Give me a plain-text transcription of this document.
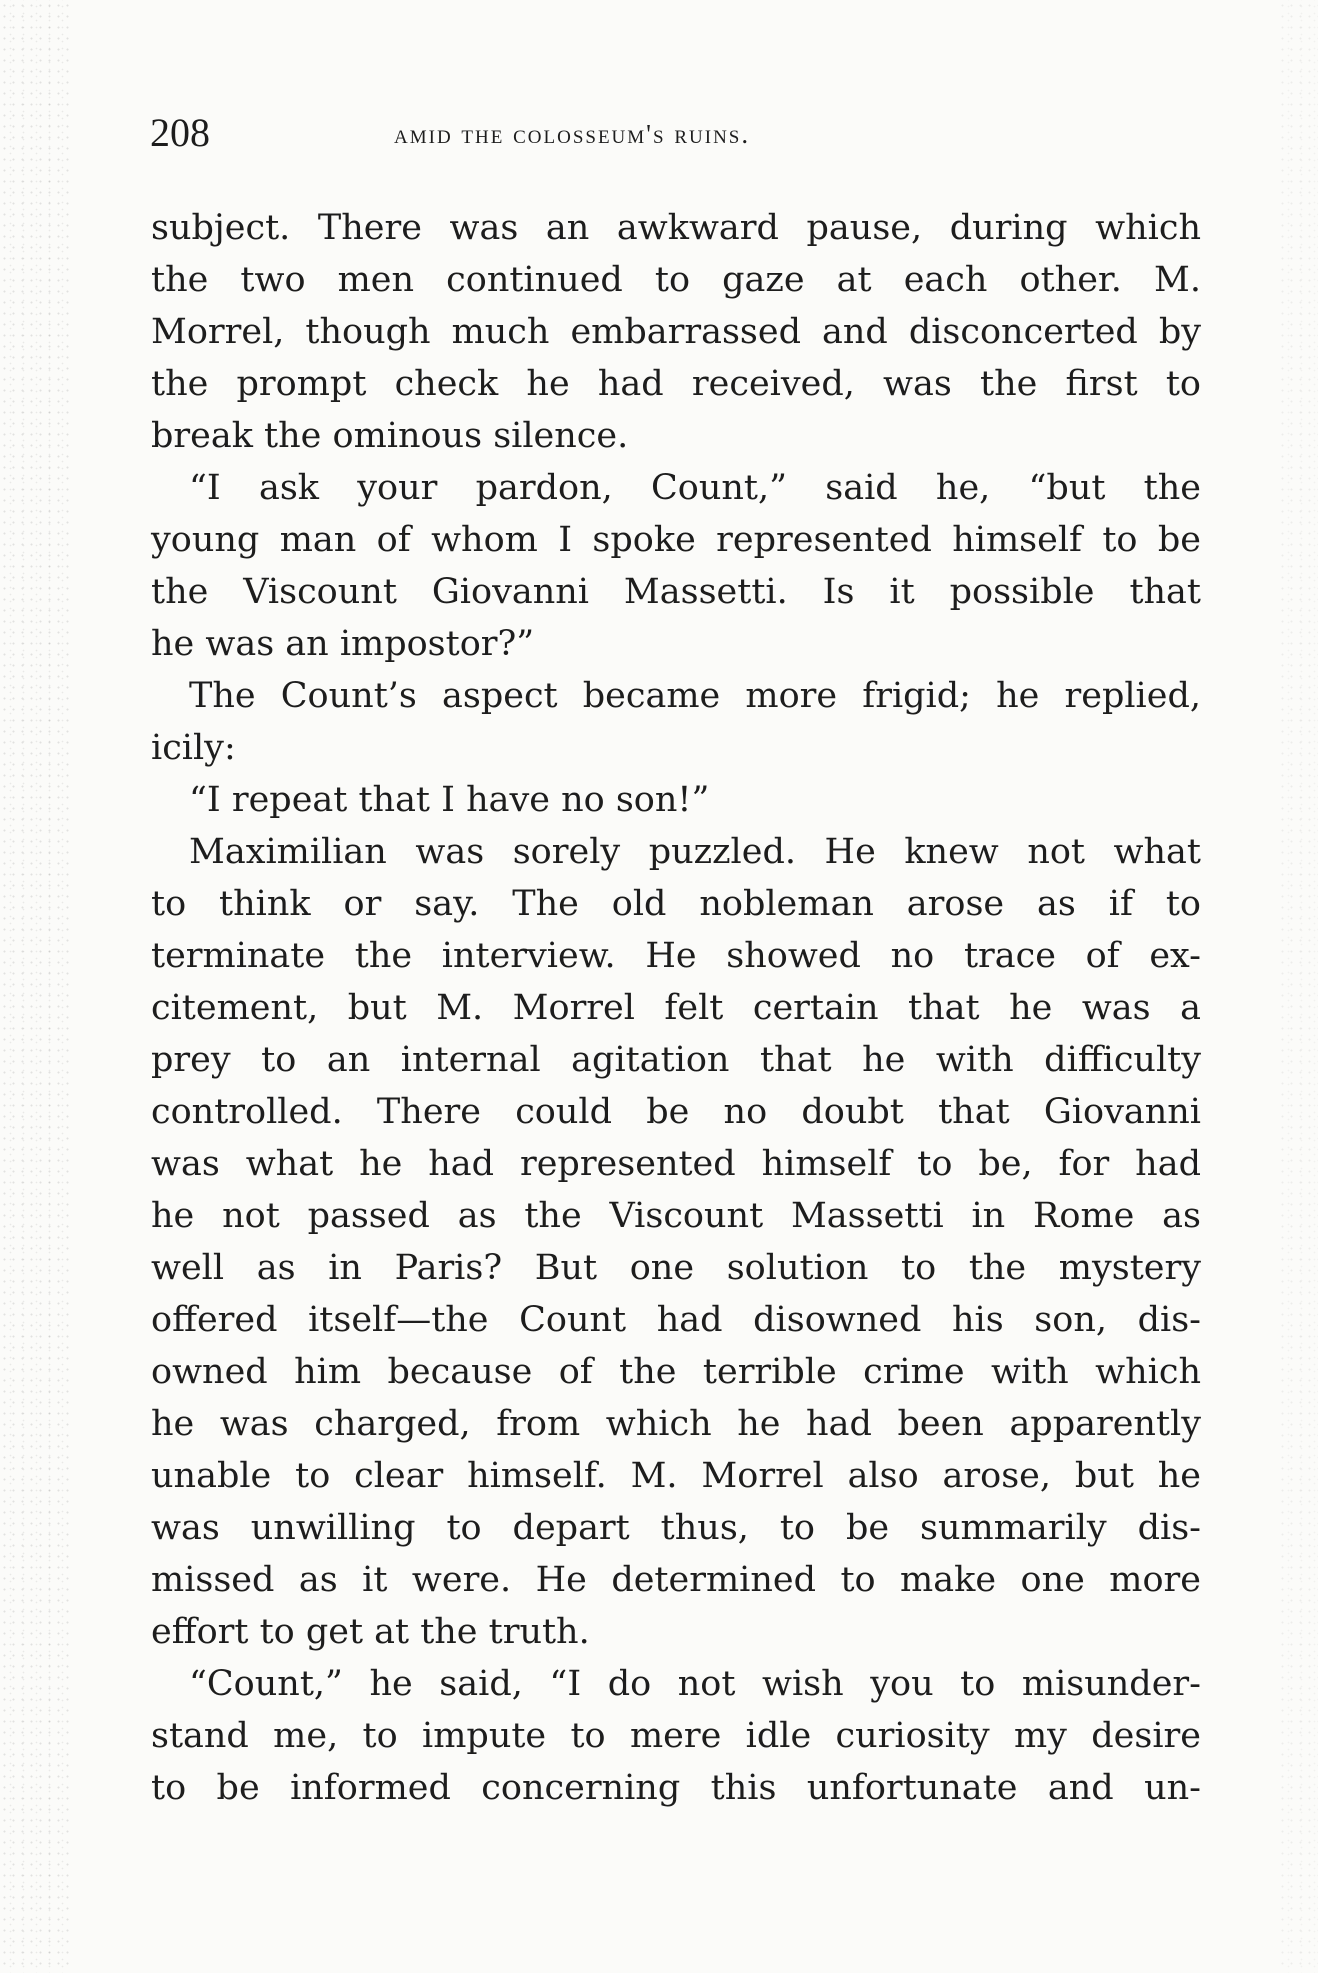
208	amid the colosseum's ruins.
subject. There was an awkward pause, during which
the two men continued to gaze at each other. M.
Morrel, though much embarrassed and disconcerted by
the prompt check he had received, was the first to
break the ominous silence.
“I ask your pardon, Count,” said he, “but the
young man of whom I spoke represented himself to be
the Viscount Giovanni Massetti. Is it possible that
he was an impostor?”
The Count’s aspect became more frigid; he replied,
icily:
“I repeat that I have no son!”
Maximilian was sorely puzzled. He knew not what
to think or say. The old nobleman arose as if to
terminate the interview. He showed no trace of ex-
citement, but M. Morrel felt certain that he was a
prey to an internal agitation that he with difficulty
controlled. There could be no doubt that Giovanni
was what he had represented himself to be, for had
he not passed as the Viscount Massetti in Rome as
well as in Paris? But one solution to the mystery
offered itself—the Count had disowned his son, dis-
owned him because of the terrible crime with which
he was charged, from which he had been apparently
unable to clear himself. M. Morrel also arose, but he
was unwilling to depart thus, to be summarily dis-
missed as it were. He determined to make one more
effort to get at the truth.
“Count,” he said, “I do not wish you to misunder-
stand me, to impute to mere idle curiosity my desire
to be informed concerning this unfortunate and un-
